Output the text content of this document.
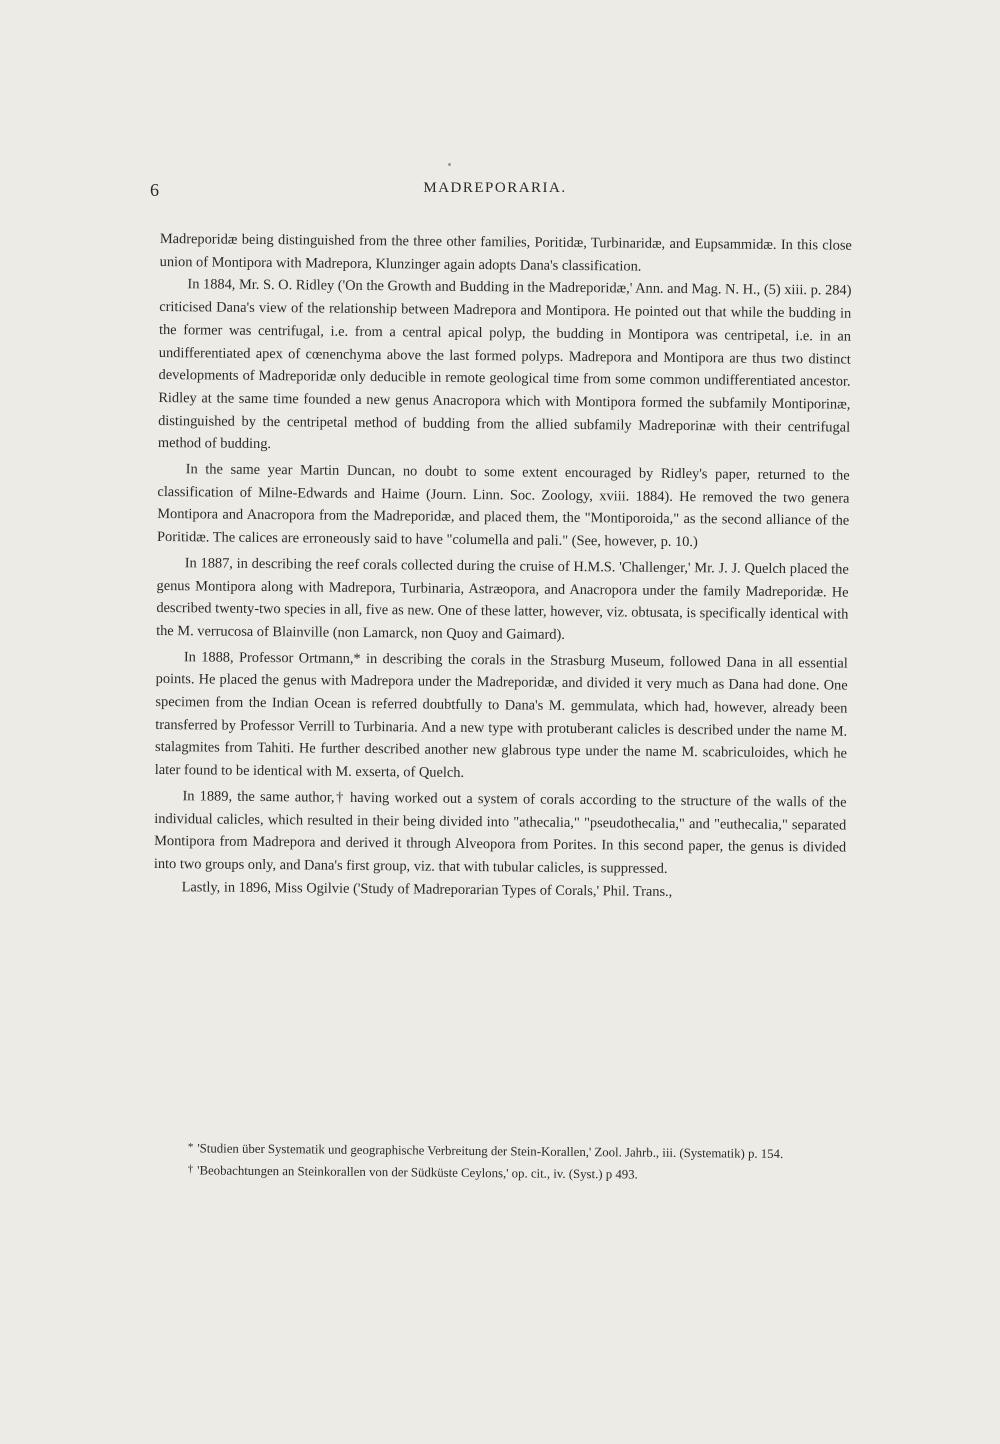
6	MADREPORARIA.

Madreporidæ being distinguished from the three other families, Poritidæ, Turbinaridæ, and Eupsammidæ. In this close union of Montipora with Madrepora, Klunzinger again adopts Dana's classification.

In 1884, Mr. S. O. Ridley ('On the Growth and Budding in the Madreporidæ,' Ann. and Mag. N. H., (5) xiii. p. 284) criticised Dana's view of the relationship between Madrepora and Montipora. He pointed out that while the budding in the former was centrifugal, i.e. from a central apical polyp, the budding in Montipora was centripetal, i.e. in an undifferentiated apex of cœnenchyma above the last formed polyps. Madrepora and Montipora are thus two distinct developments of Madreporidæ only deducible in remote geological time from some common undifferentiated ancestor. Ridley at the same time founded a new genus Anacropora which with Montipora formed the subfamily Montiporinæ, distinguished by the centripetal method of budding from the allied subfamily Madreporinæ with their centrifugal method of budding.

In the same year Martin Duncan, no doubt to some extent encouraged by Ridley's paper, returned to the classification of Milne-Edwards and Haime (Journ. Linn. Soc. Zoology, xviii. 1884). He removed the two genera Montipora and Anacropora from the Madreporidæ, and placed them, the "Montiporoida," as the second alliance of the Poritidæ. The calices are erroneously said to have "columella and pali." (See, however, p. 10.)

In 1887, in describing the reef corals collected during the cruise of H.M.S. 'Challenger,' Mr. J. J. Quelch placed the genus Montipora along with Madrepora, Turbinaria, Astræopora, and Anacropora under the family Madreporidæ. He described twenty-two species in all, five as new. One of these latter, however, viz. obtusata, is specifically identical with the M. verrucosa of Blainville (non Lamarck, non Quoy and Gaimard).

In 1888, Professor Ortmann,* in describing the corals in the Strasburg Museum, followed Dana in all essential points. He placed the genus with Madrepora under the Madreporidæ, and divided it very much as Dana had done. One specimen from the Indian Ocean is referred doubtfully to Dana's M. gemmulata, which had, however, already been transferred by Professor Verrill to Turbinaria. And a new type with protuberant calicles is described under the name M. stalagmites from Tahiti. He further described another new glabrous type under the name M. scabriculoides, which he later found to be identical with M. exserta, of Quelch.

In 1889, the same author,† having worked out a system of corals according to the structure of the walls of the individual calicles, which resulted in their being divided into "athecalia," "pseudothecalia," and "euthecalia," separated Montipora from Madrepora and derived it through Alveopora from Porites. In this second paper, the genus is divided into two groups only, and Dana's first group, viz. that with tubular calicles, is suppressed.

Lastly, in 1896, Miss Ogilvie ('Study of Madreporarian Types of Corals,' Phil. Trans.,

* 'Studien über Systematik und geographische Verbreitung der Stein-Korallen,' Zool. Jahrb., iii. (Systematik) p. 154.

† 'Beobachtungen an Steinkorallen von der Südküste Ceylons,' op. cit., iv. (Syst.) p 493.
